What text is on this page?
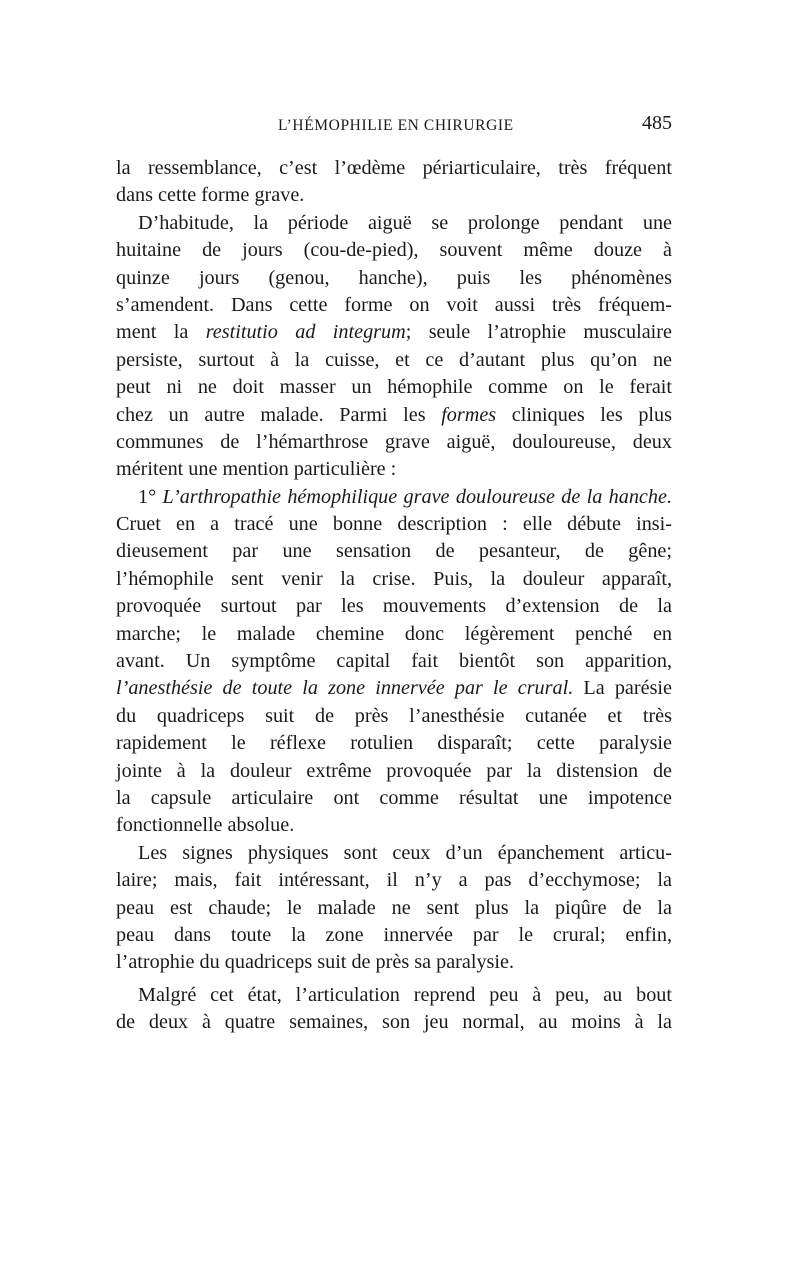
L’HÉMOPHILIE EN CHIRURGIE	485
la ressemblance, c’est l’œdème périarticulaire, très fréquent
dans cette forme grave.
D’habitude, la période aiguë se prolonge pendant une
huitaine de jours (cou-de-pied), souvent même douze à
quinze jours (genou, hanche), puis les phénomènes
s’amendent. Dans cette forme on voit aussi très fréquem-
ment la restitutio ad integrum; seule l’atrophie musculaire
persiste, surtout à la cuisse, et ce d’autant plus qu’on ne
peut ni ne doit masser un hémophile comme on le ferait
chez un autre malade. Parmi les formes cliniques les plus
communes de l’hémarthrose grave aiguë, douloureuse, deux
méritent une mention particulière :
1° L’arthropathie hémophilique grave douloureuse de la hanche.
Cruet en a tracé une bonne description : elle débute insi-
dieusement par une sensation de pesanteur, de gêne;
l’hémophile sent venir la crise. Puis, la douleur apparaît,
provoquée surtout par les mouvements d’extension de la
marche; le malade chemine donc légèrement penché en
avant. Un symptôme capital fait bientôt son apparition,
l’anesthésie de toute la zone innervée par le crural. La parésie
du quadriceps suit de près l’anesthésie cutanée et très
rapidement le réflexe rotulien disparaît; cette paralysie
jointe à la douleur extrême provoquée par la distension de
la capsule articulaire ont comme résultat une impotence
fonctionnelle absolue.
Les signes physiques sont ceux d’un épanchement articu-
laire; mais, fait intéressant, il n’y a pas d’ecchymose; la
peau est chaude; le malade ne sent plus la piqûre de la
peau dans toute la zone innervée par le crural; enfin,
l’atrophie du quadriceps suit de près sa paralysie.
Malgré cet état, l’articulation reprend peu à peu, au bout
de deux à quatre semaines, son jeu normal, au moins à la
